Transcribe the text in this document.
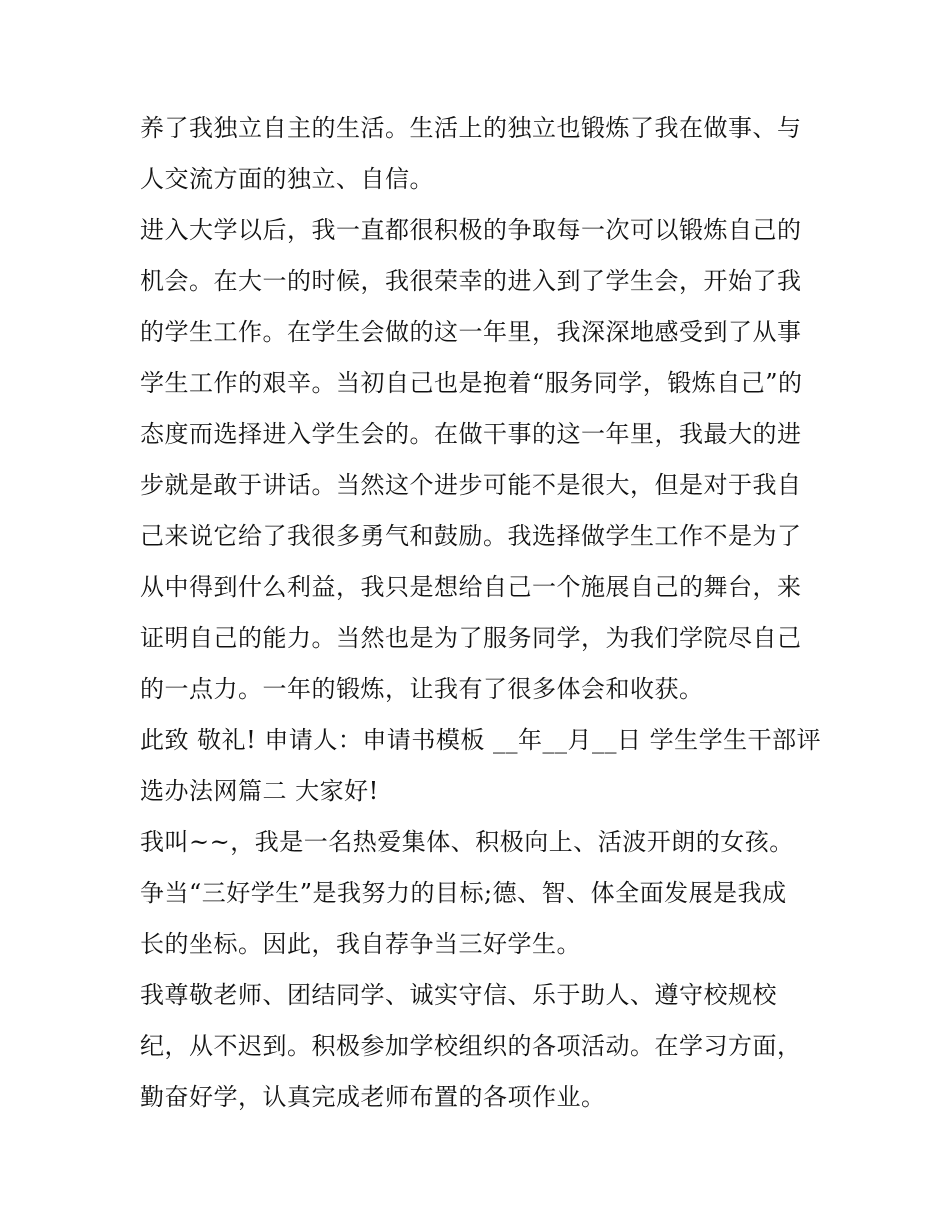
养了我独立自主的生活。生活上的独立也锻炼了我在做事、与
人交流方面的独立、自信。
进入大学以后，我一直都很积极的争取每一次可以锻炼自己的
机会。在大一的时候，我很荣幸的进入到了学生会，开始了我
的学生工作。在学生会做的这一年里，我深深地感受到了从事
学生工作的艰辛。当初自己也是抱着“服务同学，锻炼自己”的
态度而选择进入学生会的。在做干事的这一年里，我最大的进
步就是敢于讲话。当然这个进步可能不是很大，但是对于我自
己来说它给了我很多勇气和鼓励。我选择做学生工作不是为了
从中得到什么利益，我只是想给自己一个施展自己的舞台，来
证明自己的能力。当然也是为了服务同学，为我们学院尽自己
的一点力。一年的锻炼，让我有了很多体会和收获。
此致 敬礼! 申请人：申请书模板 __年__月__日 学生学生干部评
选办法网篇二 大家好!
我叫~~，我是一名热爱集体、积极向上、活波开朗的女孩。
争当“三好学生”是我努力的目标;德、智、体全面发展是我成
长的坐标。因此，我自荐争当三好学生。
我尊敬老师、团结同学、诚实守信、乐于助人、遵守校规校
纪，从不迟到。积极参加学校组织的各项活动。在学习方面，
勤奋好学，认真完成老师布置的各项作业。
